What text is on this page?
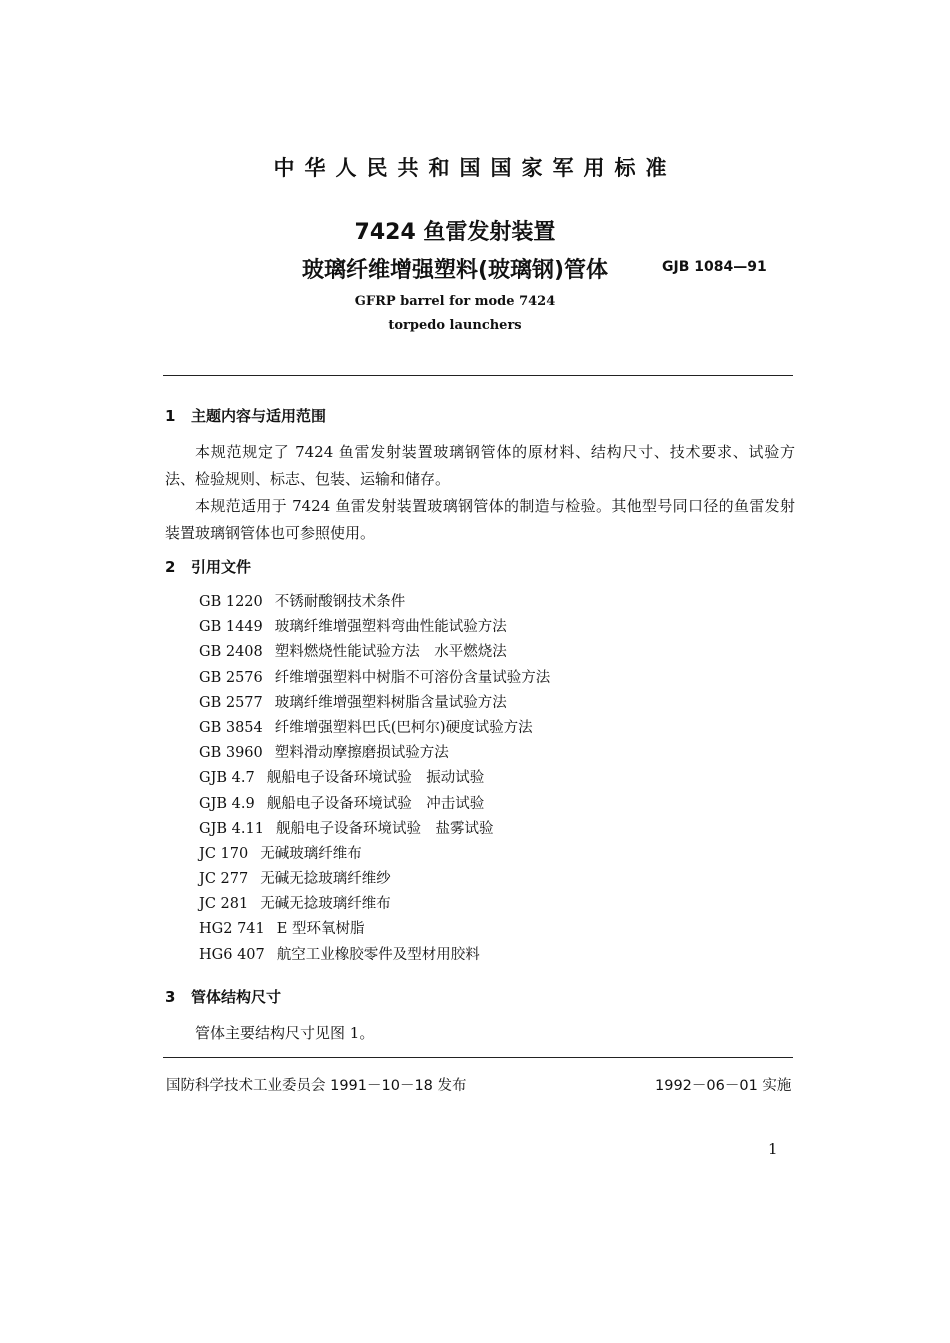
中华人民共和国国家军用标准
7424 鱼雷发射装置
玻璃纤维增强塑料(玻璃钢)管体	GJB 1084—91
GFRP barrel for mode 7424
torpedo launchers
1 主题内容与适用范围
本规范规定了 7424 鱼雷发射装置玻璃钢管体的原材料、结构尺寸、技术要求、试验方法、检验规则、标志、包装、运输和储存。
本规范适用于 7424 鱼雷发射装置玻璃钢管体的制造与检验。其他型号同口径的鱼雷发射装置玻璃钢管体也可参照使用。
2 引用文件
GB 1220 不锈耐酸钢技术条件
GB 1449 玻璃纤维增强塑料弯曲性能试验方法
GB 2408 塑料燃烧性能试验方法　水平燃烧法
GB 2576 纤维增强塑料中树脂不可溶份含量试验方法
GB 2577 玻璃纤维增强塑料树脂含量试验方法
GB 3854 纤维增强塑料巴氏(巴柯尔)硬度试验方法
GB 3960 塑料滑动摩擦磨损试验方法
GJB 4.7 舰船电子设备环境试验　振动试验
GJB 4.9 舰船电子设备环境试验　冲击试验
GJB 4.11 舰船电子设备环境试验　盐雾试验
JC 170 无碱玻璃纤维布
JC 277 无碱无捻玻璃纤维纱
JC 281 无碱无捻玻璃纤维布
HG2 741 E 型环氧树脂
HG6 407 航空工业橡胶零件及型材用胶料
3 管体结构尺寸
管体主要结构尺寸见图 1。
国防科学技术工业委员会 1991－10－18 发布	1992－06－01 实施
1
